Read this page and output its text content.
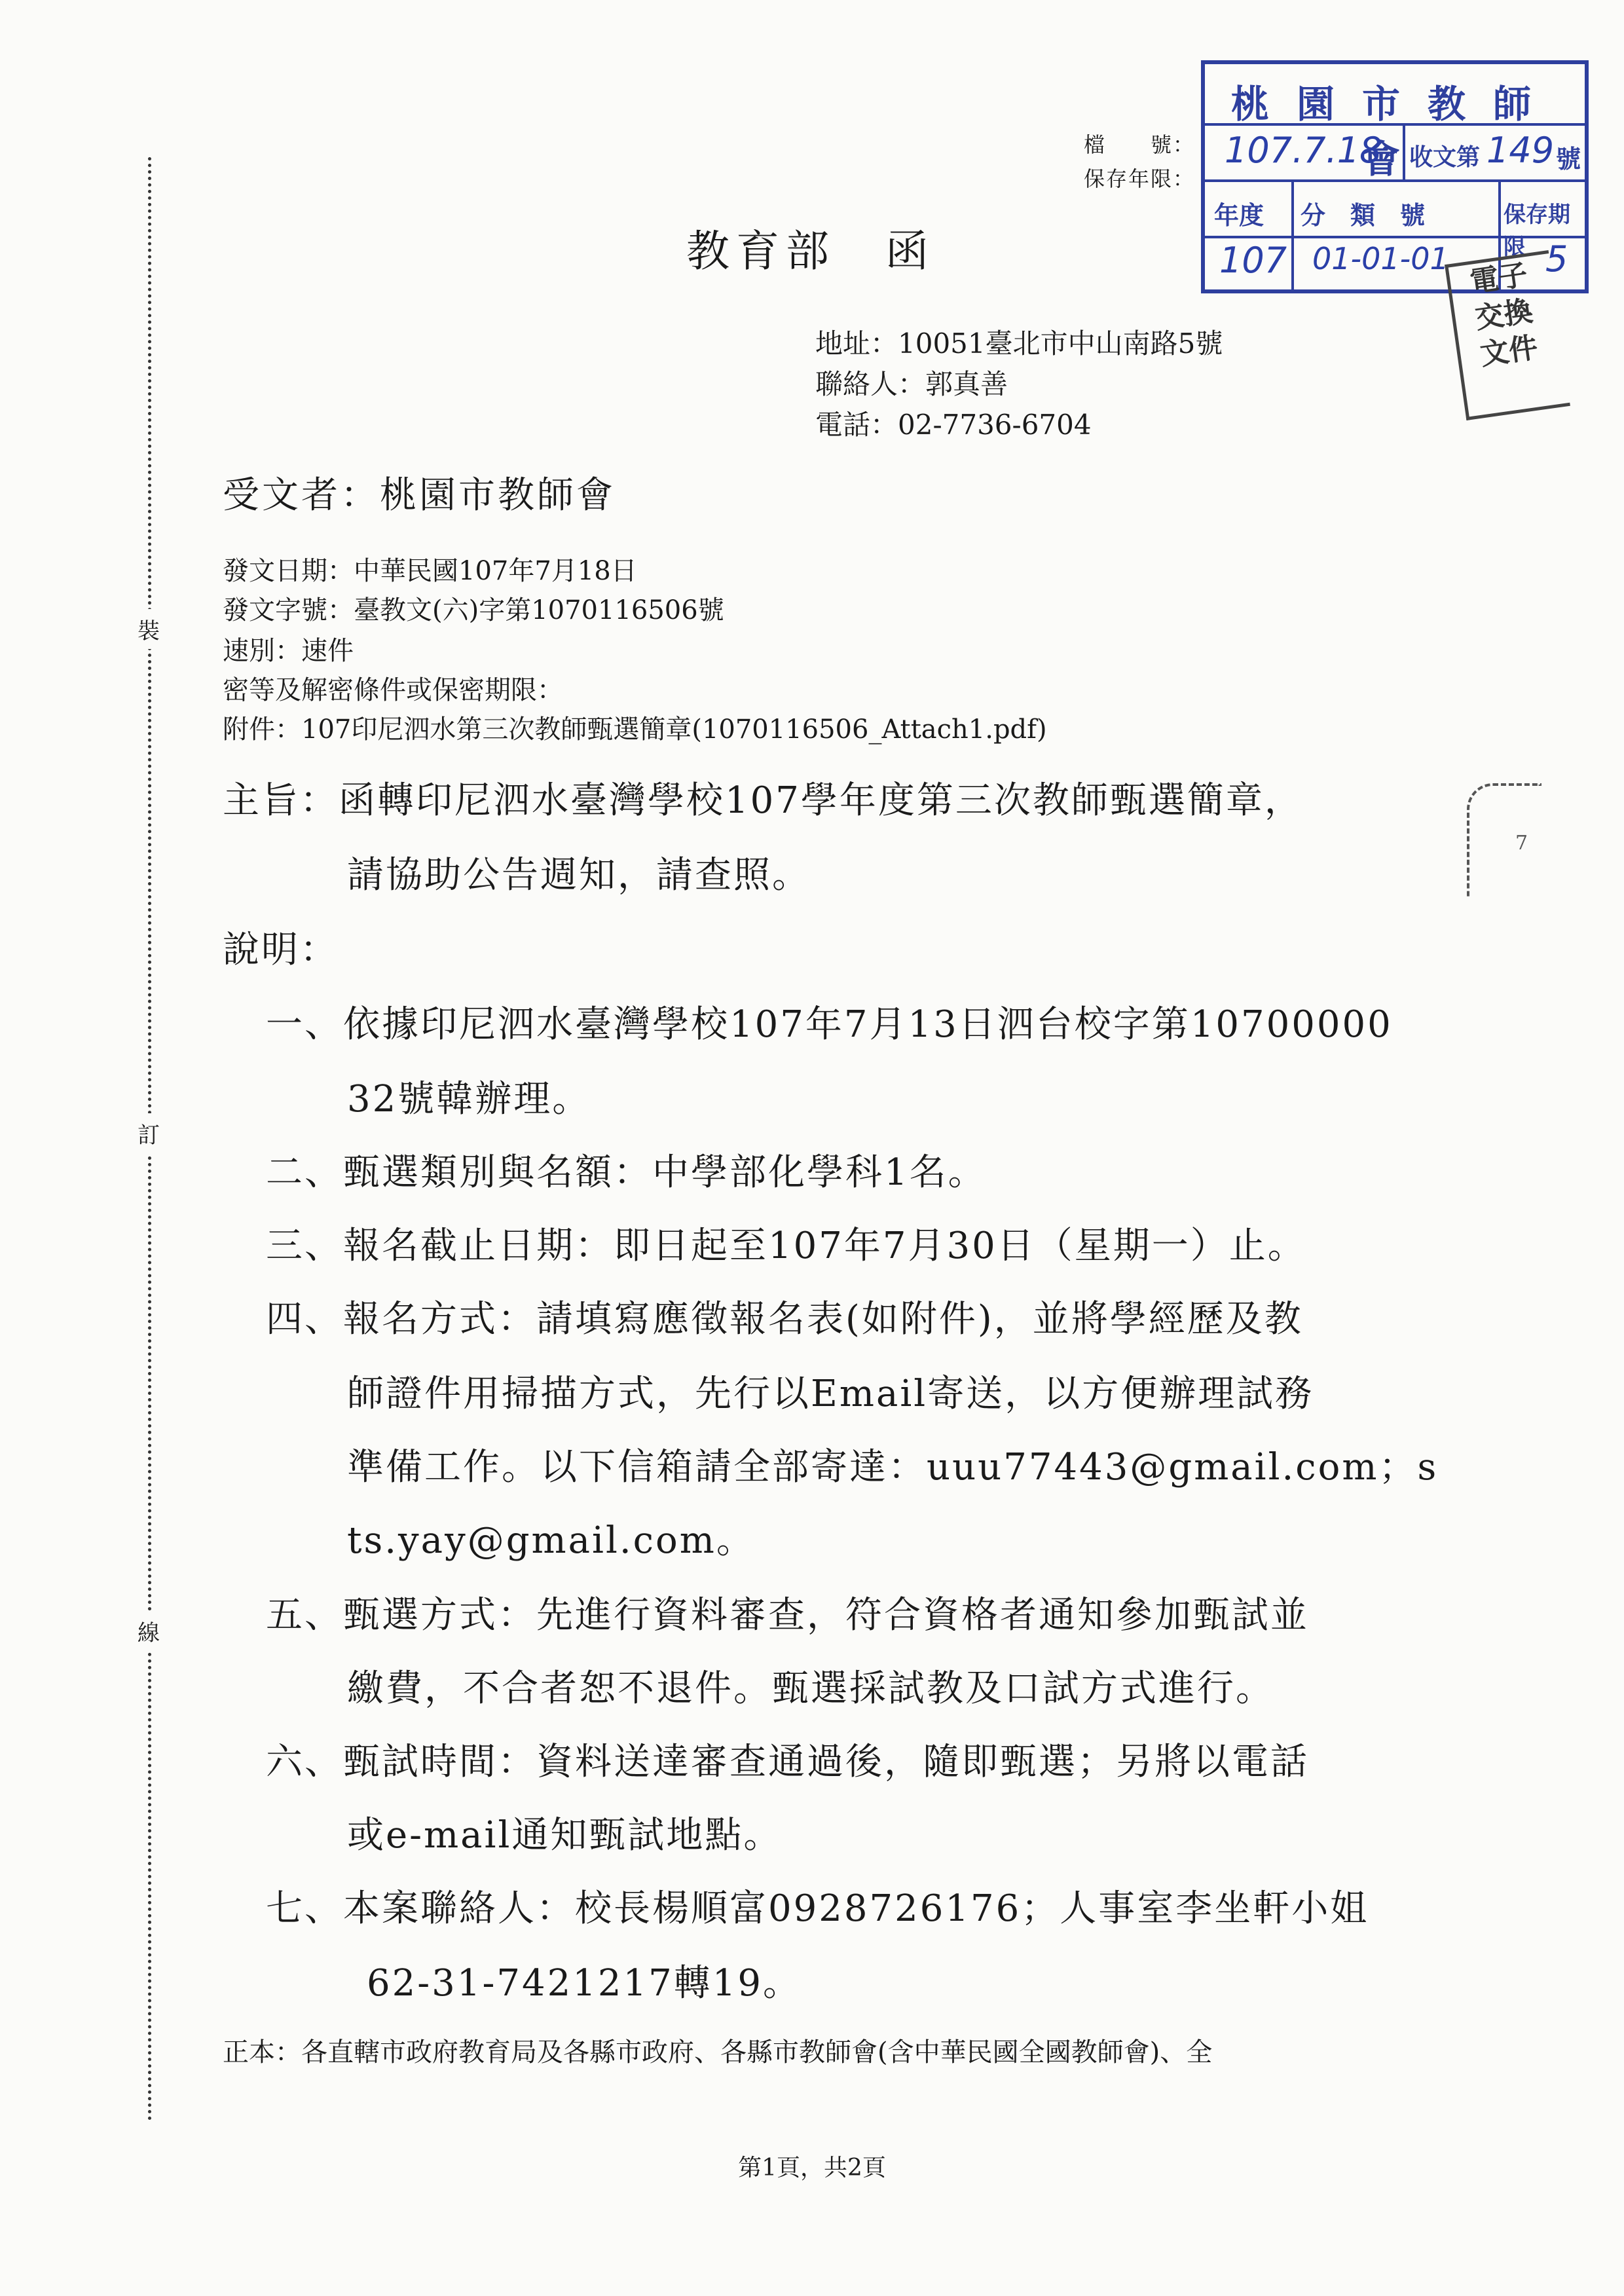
裝
訂
線
檔　　號：
保存年限：
桃園市教師會
107.7.18 收文第 149 號
年度 分　類　號	保存期限
107 01-01-01	5
電子
交換
文件
7
教育部　函
地址：10051臺北市中山南路5號
聯絡人：郭真善
電話：02-7736-6704
受文者：桃園市教師會
發文日期：中華民國107年7月18日
發文字號：臺教文(六)字第1070116506號
速別：速件
密等及解密條件或保密期限：
附件：107印尼泗水第三次教師甄選簡章(1070116506_Attach1.pdf)
主旨：函轉印尼泗水臺灣學校107學年度第三次教師甄選簡章，
請協助公告週知，請查照。
說明：
一、依據印尼泗水臺灣學校107年7月13日泗台校字第10700000
32號韓辦理。
二、甄選類別與名額：中學部化學科1名。
三、報名截止日期：即日起至107年7月30日（星期一）止。
四、報名方式：請填寫應徵報名表(如附件)，並將學經歷及教
師證件用掃描方式，先行以Email寄送，以方便辦理試務
準備工作。以下信箱請全部寄達：uuu77443@gmail.com；s
ts.yay@gmail.com。
五、甄選方式：先進行資料審查，符合資格者通知參加甄試並
繳費，不合者恕不退件。甄選採試教及口試方式進行。
六、甄試時間：資料送達審查通過後，隨即甄選；另將以電話
或e-mail通知甄試地點。
七、本案聯絡人：校長楊順富0928726176；人事室李坐軒小姐
62-31-7421217轉19。
正本：各直轄市政府教育局及各縣市政府、各縣市教師會(含中華民國全國教師會)、全
第1頁，共2頁
